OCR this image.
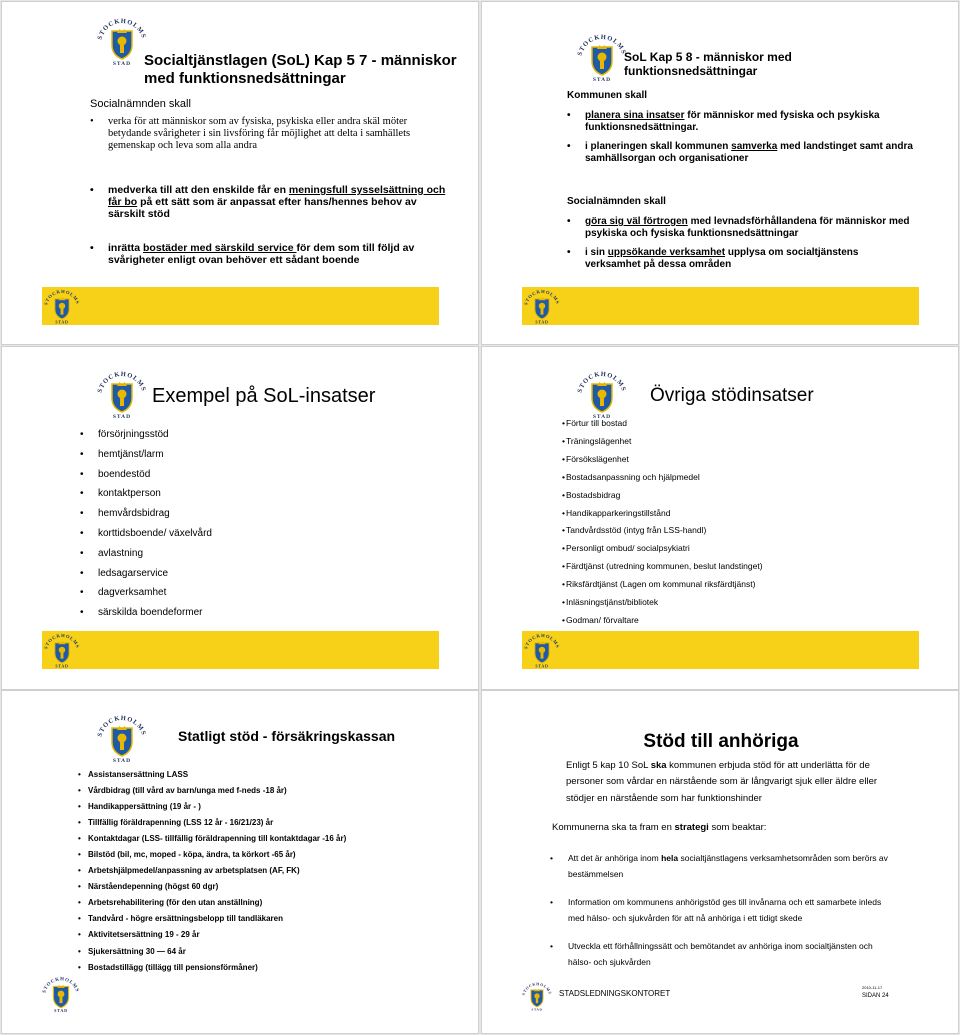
Socialtjänstlagen (SoL) Kap 5 7 - människor med funktionsnedsättningar
Socialnämnden skall
• verka för att människor som av fysiska, psykiska eller andra skäl möter betydande svårigheter i sin livsföring får möjlighet att delta i samhällets gemenskap och leva som alla andra
• medverka till att den enskilde får en meningsfull sysselsättning och får bo på ett sätt som är anpassat efter hans/hennes behov av särskilt stöd
• inrätta bostäder med särskild service för dem som till följd av svårigheter enligt ovan behöver ett sådant boende
SoL Kap 5 8 - människor med funktionsnedsättningar
Kommunen skall
• planera sina insatser för människor med fysiska och psykiska funktionsnedsättningar.
• i planeringen skall kommunen samverka med landstinget samt andra samhällsorgan och organisationer
Socialnämnden skall
• göra sig väl förtrogen med levnadsförhållandena för människor med psykiska och fysiska funktionsnedsättningar
• i sin uppsökande verksamhet upplysa om socialtjänstens verksamhet på dessa områden
Exempel på SoL-insatser
• försörjningsstöd
• hemtjänst/larm
• boendestöd
• kontaktperson
• hemvårdsbidrag
• korttidsboende/ växelvård
• avlastning
• ledsagarservice
• dagverksamhet
• särskilda boendeformer
Övriga stödinsatser
• Förtur till bostad
• Träningslägenhet
• Försökslägenhet
• Bostadsanpassning och hjälpmedel
• Bostadsbidrag
• Handikapparkeringstillstånd
• Tandvårdsstöd (intyg från LSS-handl)
• Personligt ombud/ socialpsykiatri
• Färdtjänst (utredning kommunen, beslut landstinget)
• Riksfärdtjänst (Lagen om kommunal riksfärdtjänst)
• Inläsningstjänst/bibliotek
• Godman/ förvaltare
Statligt stöd - försäkringskassan
• Assistansersättning LASS
• Vårdbidrag (till vård av barn/unga med f-neds -18 år)
• Handikappersättning (19 år - )
• Tillfällig föräldrapenning (LSS 12 år - 16/21/23) år
• Kontaktdagar (LSS- tillfällig föräldrapenning till kontaktdagar -16 år)
• Bilstöd (bil, mc, moped - köpa, ändra, ta körkort -65 år)
• Arbetshjälpmedel/anpassning av arbetsplatsen (AF, FK)
• Närståendepenning (högst 60 dgr)
• Arbetsrehabilitering (för den utan anställning)
• Tandvård - högre ersättningsbelopp till tandläkaren
• Aktivitetsersättning 19 - 29 år
• Sjukersättning 30 — 64 år
• Bostadstillägg (tillägg till pensionsförmåner)
Stöd till anhöriga
Enligt 5 kap 10 SoL ska kommunen erbjuda stöd för att underlätta för de personer som vårdar en närstående som är långvarigt sjuk eller äldre eller stödjer en närstående som har funktionshinder
Kommunerna ska ta fram en strategi som beaktar:
• Att det är anhöriga inom hela socialtjänstlagens verksamhetsområden som berörs av bestämmelsen
• Information om kommunens anhörigstöd ges till invånarna och ett samarbete inleds med hälso- och sjukvården för att nå anhöriga i ett tidigt skede
• Utveckla ett förhållningssätt och bemötandet av anhöriga inom socialtjänsten och hälso- och sjukvården
STADSLEDNINGSKONTORET
2010-11-17
SIDAN 24
